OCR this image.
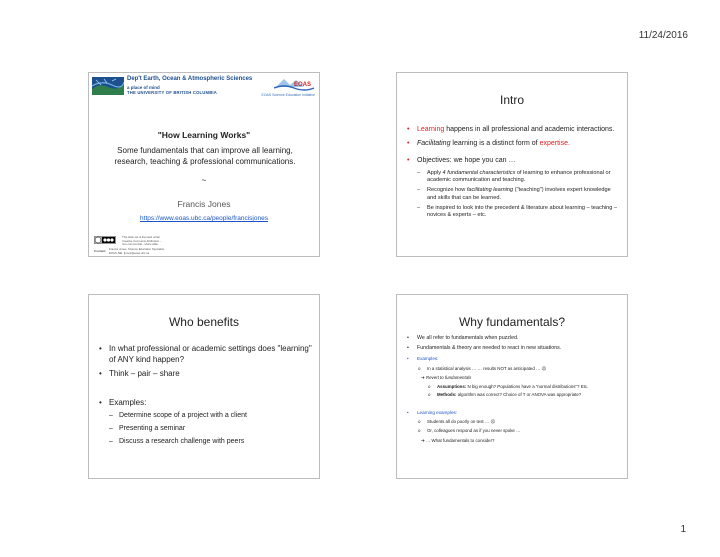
11/24/2016
Dep't Earth, Ocean & Atmospheric Sciences
a place of mind
THE UNIVERSITY OF BRITISH COLUMBIA
EOAS
EOAS Science Education Initiative
"How Learning Works"
Some fundamentals that can improve all learning, research, teaching & professional communications.
~
Francis Jones
https://www.eoas.ubc.ca/people/francisjones
This slide set is licensed under Creative Commons Attribution - non-commercial - share alike.
Contact: Francis Jones, Science Education Specialist, EOAS-SEI, fjones@eoas.ubc.ca
Intro
• Learning happens in all professional and academic interactions.
• Facilitating learning is a distinct form of expertise.
• Objectives: we hope you can …
– Apply 4 fundamental characteristics of learning to enhance professional or academic communication and teaching.
– Recognize how facilitating learning ("teaching") involves expert knowledge and skills that can be learned.
– Be inspired to look into the precedent & literature about learning – teaching – novices & experts – etc.
Who benefits
• In what professional or academic settings does "learning" of ANY kind happen?
• Think – pair – share
• Examples:
– Determine scope of a project with a client
– Presenting a seminar
– Discuss a research challenge with peers
Why fundamentals?
• We all refer to fundamentals when puzzled.
• Fundamentals & theory are needed to react in new situations.
• Examples:
o In a statistical analysis … … results NOT as anticipated … ☹
➔ Revert to fundamentals
o Assumptions: N big enough? Populations have a "normal distributions"? Etc.
o Methods: algorithm was correct? Choice of T or ANOVA was appropriate?
• Learning examples:
o Students all do poorly on test … ☹
o Or, colleagues respond as if you never spoke …
➔ … What fundamentals to consider?
1
